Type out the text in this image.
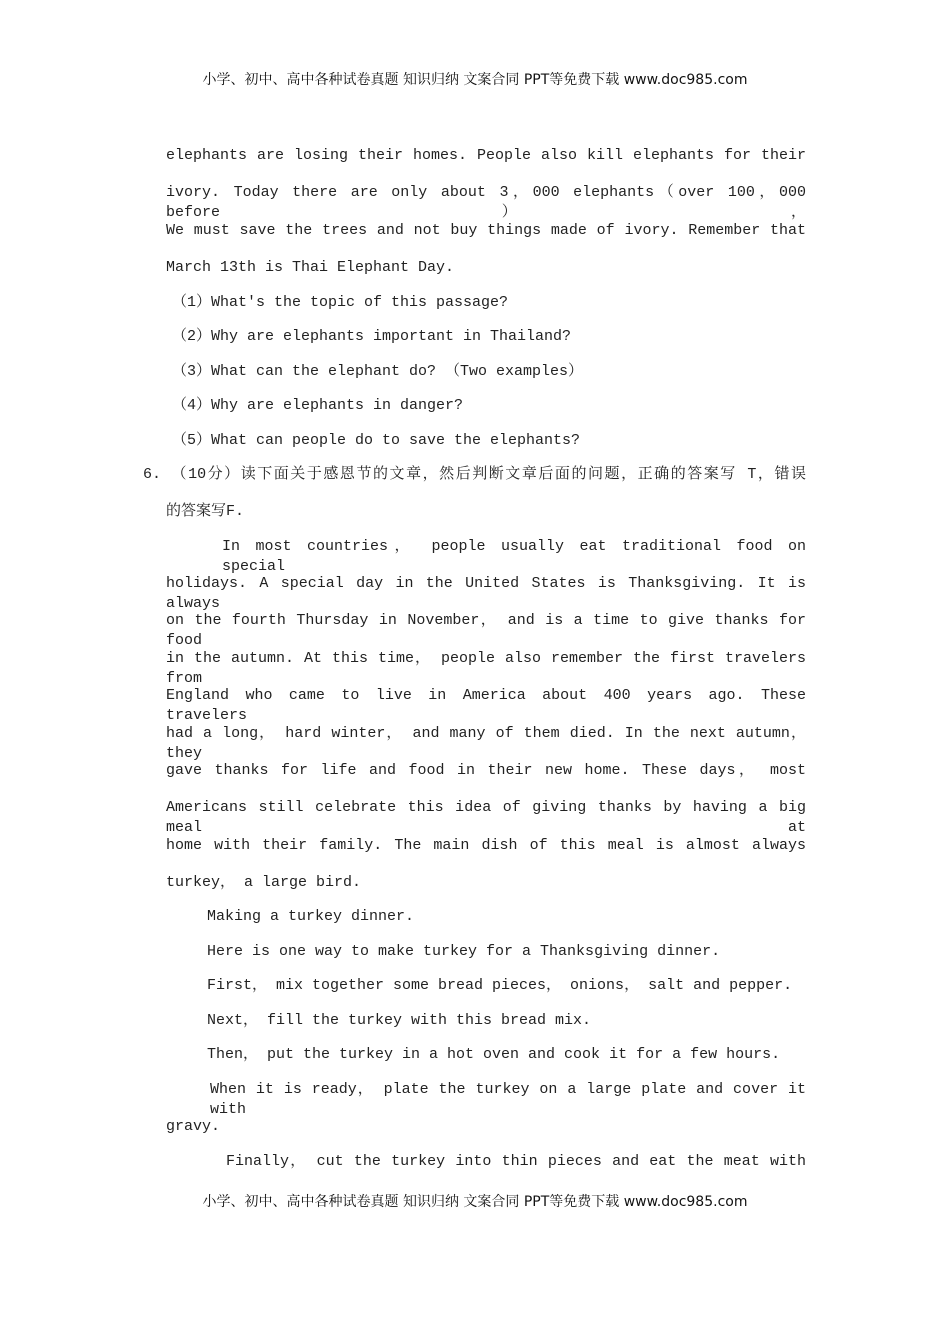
小学、初中、高中各种试卷真题 知识归纳 文案合同 PPT等免费下载 www.doc985.com
elephants are losing their homes. People also kill elephants for their
ivory. Today there are only about 3，000 elephants（over 100，000 before），
We must save the trees and not buy things made of ivory. Remember that
March 13th is Thai Elephant Day.
（1）What's the topic of this passage?
（2）Why are elephants important in Thailand?
（3）What can the elephant do? （Two examples）
（4）Why are elephants in danger?
（5）What can people do to save the elephants?
6. （10分）读下面关于感恩节的文章，然后判断文章后面的问题，正确的答案写 T，错误
的答案写F.
In most countries， people usually eat traditional food on special
holidays. A special day in the United States is Thanksgiving. It is always
on the fourth Thursday in November， and is a time to give thanks for food
in the autumn. At this time， people also remember the first travelers from
England who came to live in America about 400 years ago. These travelers
had a long， hard winter， and many of them died. In the next autumn， they
gave thanks for life and food in their new home. These days， most
Americans still celebrate this idea of giving thanks by having a big meal at
home with their family. The main dish of this meal is almost always
turkey， a large bird.
Making a turkey dinner.
Here is one way to make turkey for a Thanksgiving dinner.
First， mix together some bread pieces， onions， salt and pepper.
Next， fill the turkey with this bread mix.
Then， put the turkey in a hot oven and cook it for a few hours.
When it is ready， plate the turkey on a large plate and cover it with
gravy.
Finally， cut the turkey into thin pieces and eat the meat with
小学、初中、高中各种试卷真题 知识归纳 文案合同 PPT等免费下载 www.doc985.com
